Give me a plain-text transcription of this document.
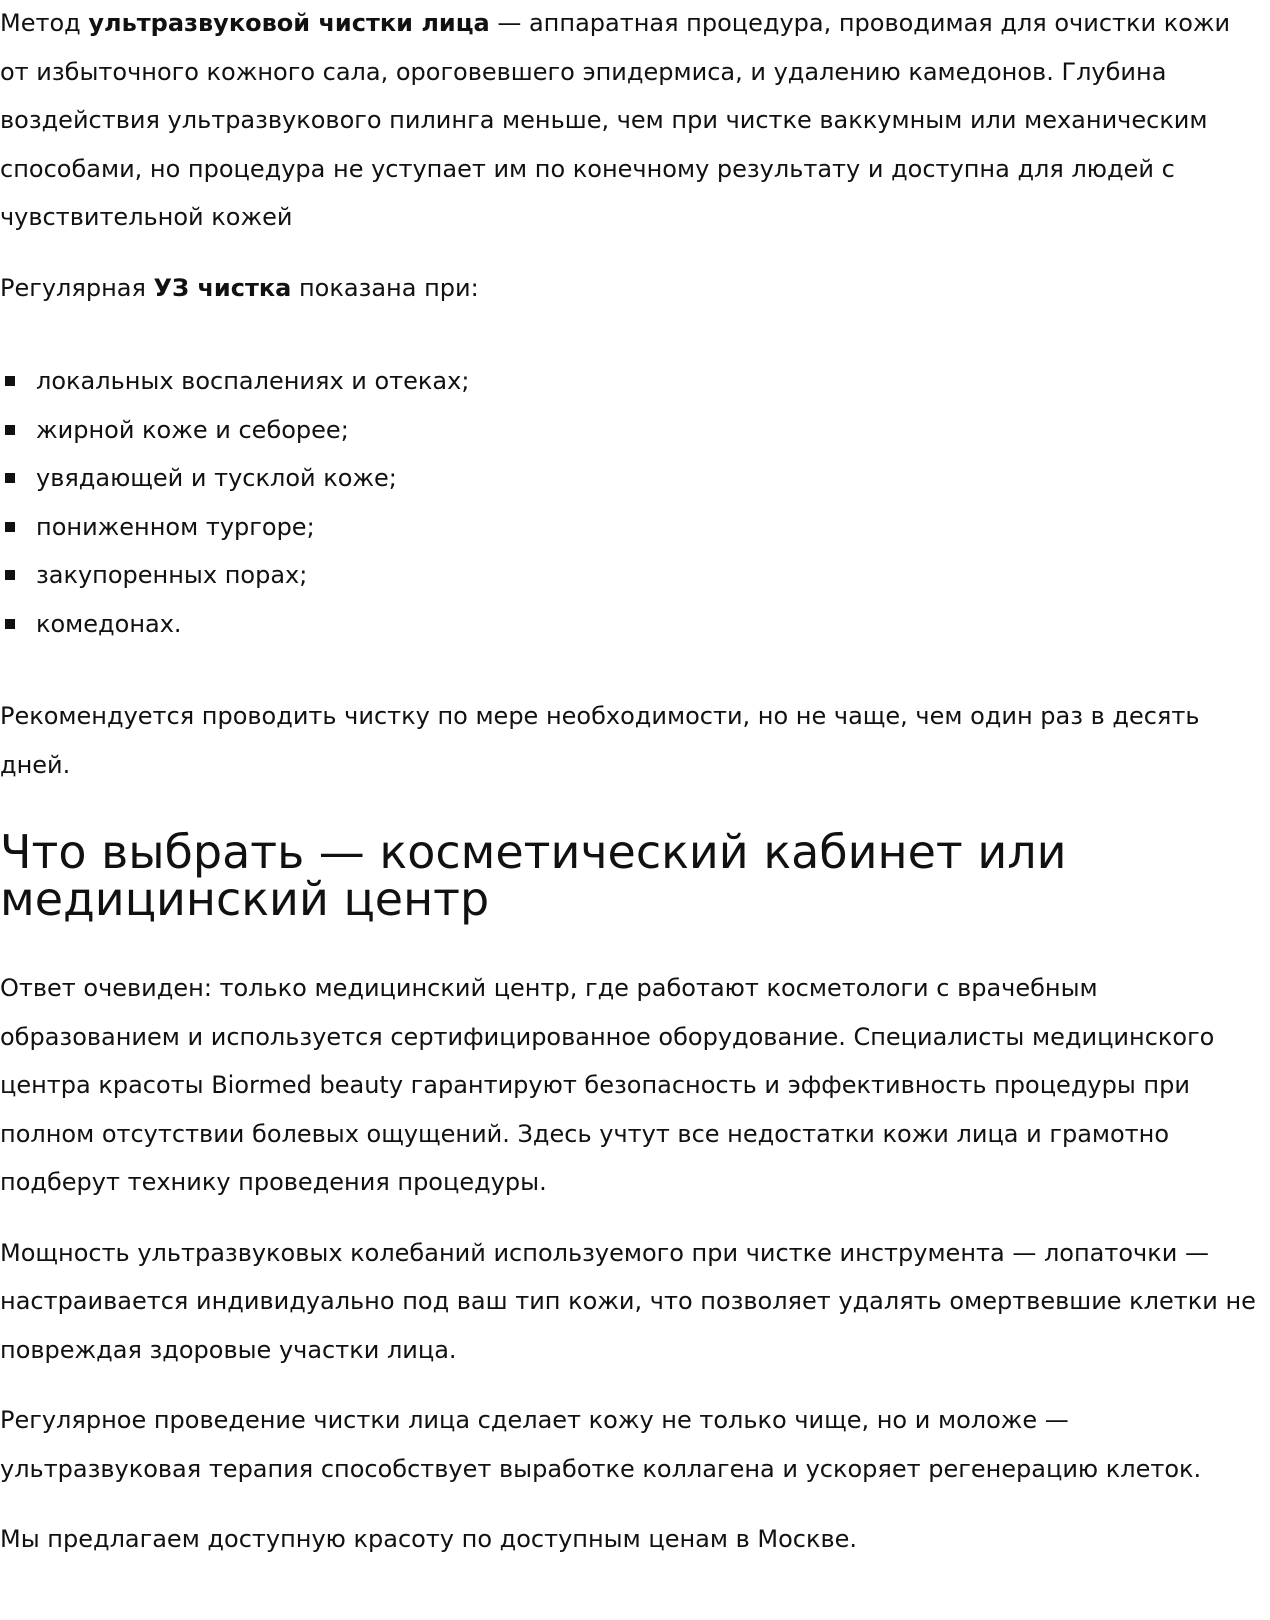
Метод ультразвуковой чистки лица — аппаратная процедура, проводимая для очистки кожи от избыточного кожного сала, ороговевшего эпидермиса, и удалению камедонов. Глубина воздействия ультразвукового пилинга меньше, чем при чистке ваккумным или механическим способами, но процедура не уступает им по конечному результату и доступна для людей с чувствительной кожей

Регулярная УЗ чистка показана при:

локальных воспалениях и отеках;
жирной коже и себорее;
увядающей и тусклой коже;
пониженном тургоре;
закупоренных порах;
комедонах.

Рекомендуется проводить чистку по мере необходимости, но не чаще, чем один раз в десять дней.

Что выбрать — косметический кабинет или медицинский центр

Ответ очевиден: только медицинский центр, где работают косметологи с врачебным образованием и используется сертифицированное оборудование. Специалисты медицинского центра красоты Biormed beauty гарантируют безопасность и эффективность процедуры при полном отсутствии болевых ощущений. Здесь учтут все недостатки кожи лица и грамотно подберут технику проведения процедуры.

Мощность ультразвуковых колебаний используемого при чистке инструмента — лопаточки — настраивается индивидуально под ваш тип кожи, что позволяет удалять омертвевшие клетки не повреждая здоровые участки лица.

Регулярное проведение чистки лица сделает кожу не только чище, но и моложе — ультразвуковая терапия способствует выработке коллагена и ускоряет регенерацию клеток.

Мы предлагаем доступную красоту по доступным ценам в Москве.
